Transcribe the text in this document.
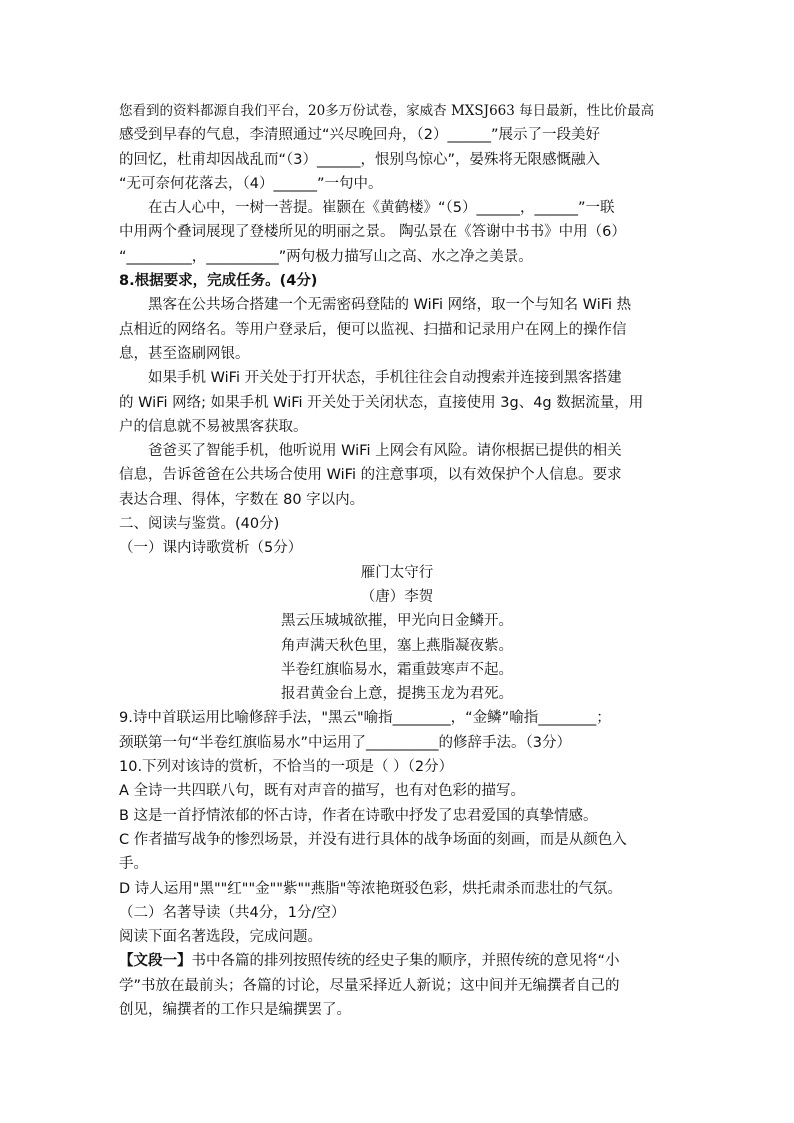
您看到的资料都源自我们平台，20多万份试卷，家威杏 MXSJ663 每日最新，性比价最高
感受到早春的气息，李清照通过“兴尽晚回舟，（2）______”展示了一段美好
的回忆，杜甫却因战乱而“（3）______，恨别鸟惊心”，晏殊将无限感慨融入
“无可奈何花落去，（4）______”一句中。
在古人心中，一树一菩提。崔颢在《黄鹤楼》“（5）______，______”一联
中用两个叠词展现了登楼所见的明丽之景。 陶弘景在《答谢中书书》中用（6）
“_________，__________”两句极力描写山之高、水之净之美景。
8.根据要求，完成任务。(4分)
黑客在公共场合搭建一个无需密码登陆的 WiFi 网络，取一个与知名 WiFi 热
点相近的网络名。等用户登录后，便可以监视、扫描和记录用户在网上的操作信
息，甚至盗刷网银。
如果手机 WiFi 开关处于打开状态，手机往往会自动搜索并连接到黑客搭建
的 WiFi 网络; 如果手机 WiFi 开关处于关闭状态，直接使用 3g、4g 数据流量，用
户的信息就不易被黑客获取。
爸爸买了智能手机，他听说用 WiFi 上网会有风险。请你根据已提供的相关
信息，告诉爸爸在公共场合使用 WiFi 的注意事项，以有效保护个人信息。要求
表达合理、得体，字数在 80 字以内。
二、阅读与鉴赏。(40分)
（一）课内诗歌赏析（5分）
雁门太守行
（唐）李贺
黑云压城城欲摧，甲光向日金鳞开。
角声满天秋色里，塞上燕脂凝夜紫。
半卷红旗临易水，霜重鼓寒声不起。
报君黄金台上意，提携玉龙为君死。
9.诗中首联运用比喻修辞手法，"黑云"喻指________，“金鳞”喻指________；
颈联第一句“半卷红旗临易水”中运用了__________的修辞手法。（3分）
10.下列对该诗的赏析，不恰当的一项是（ ）（2分）
A 全诗一共四联八句，既有对声音的描写，也有对色彩的描写。
B 这是一首抒情浓郁的怀古诗，作者在诗歌中抒发了忠君爱国的真挚情感。
C 作者描写战争的惨烈场景，并没有进行具体的战争场面的刻画，而是从颜色入
手。
D 诗人运用"黑""红""金""紫""燕脂"等浓艳斑驳色彩，烘托肃杀而悲壮的气氛。
（二）名著导读（共4分，1分/空）
阅读下面名著选段，完成问题。
【文段一】书中各篇的排列按照传统的经史子集的顺序，并照传统的意见将“小
学”书放在最前头；各篇的讨论，尽量采择近人新说；这中间并无编撰者自己的
创见，编撰者的工作只是编撰罢了。
